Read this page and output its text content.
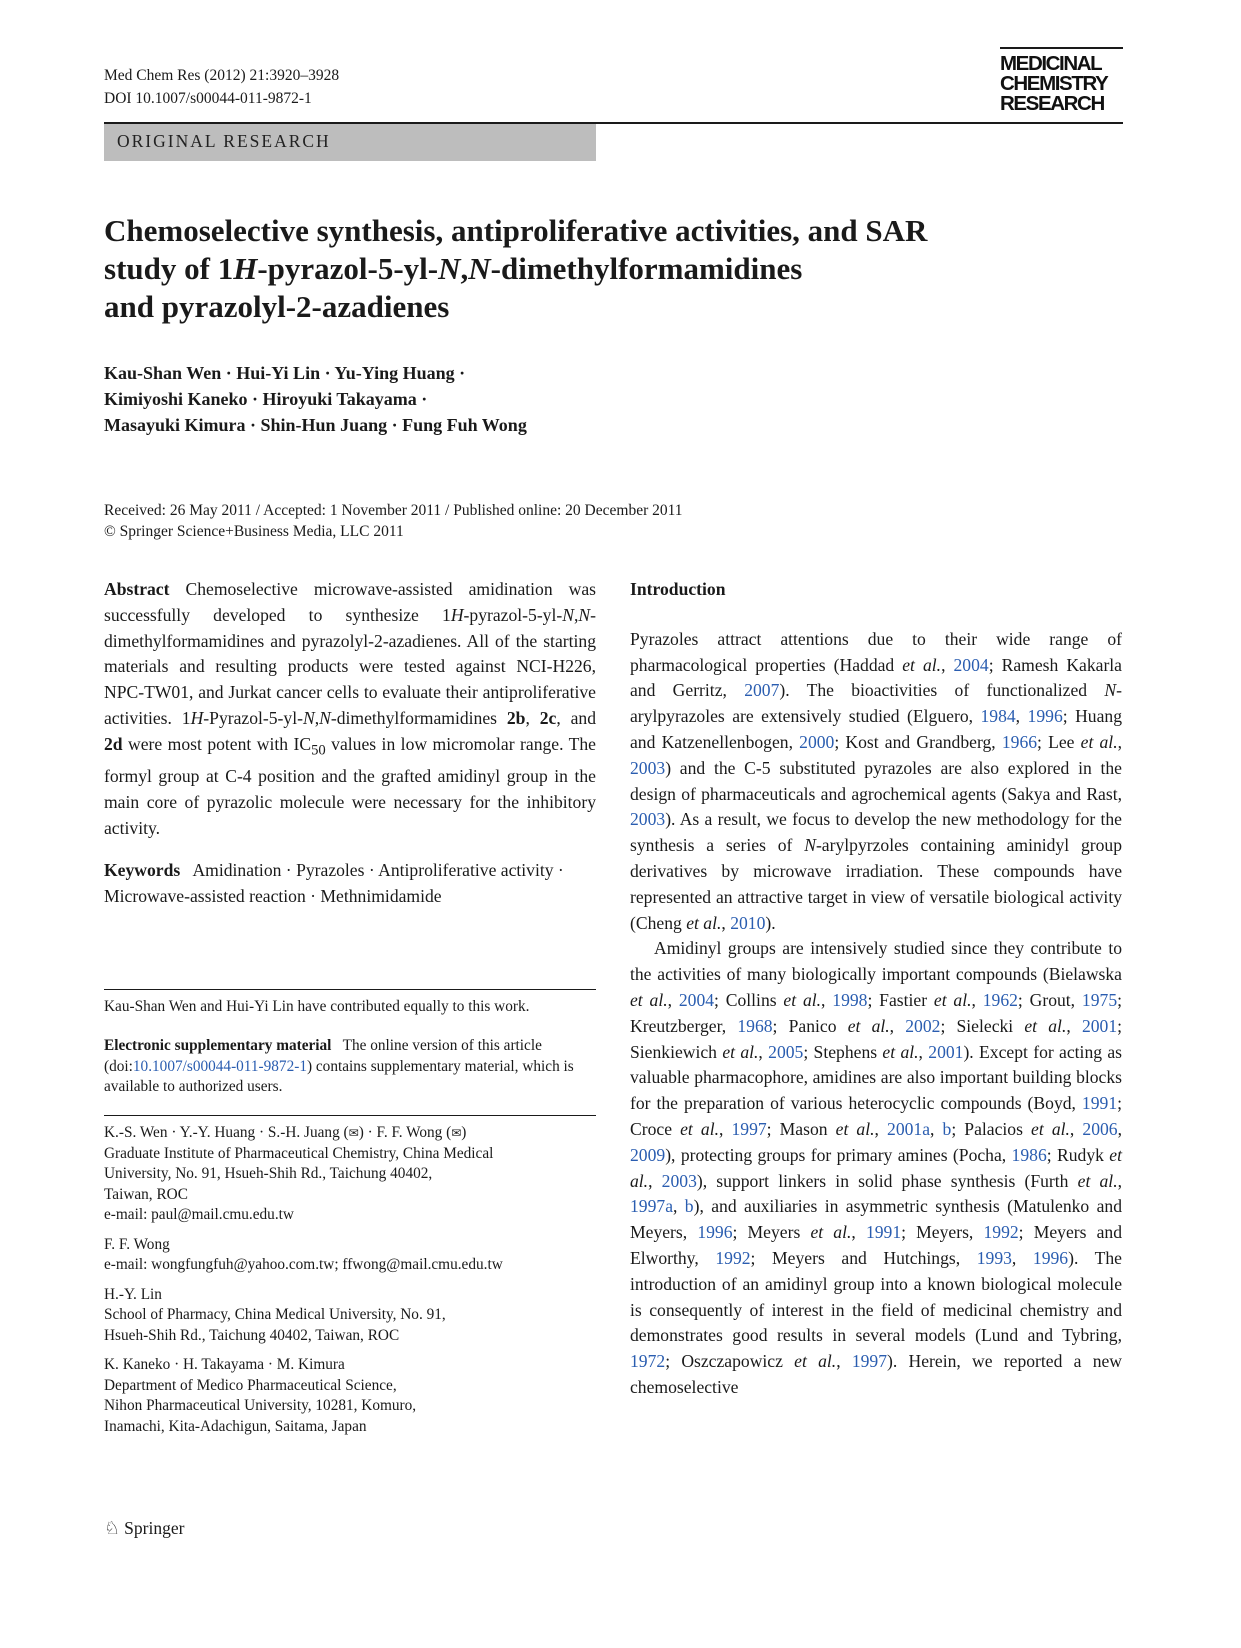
Med Chem Res (2012) 21:3920–3928
DOI 10.1007/s00044-011-9872-1
MEDICINAL
CHEMISTRY
RESEARCH
ORIGINAL RESEARCH
Chemoselective synthesis, antiproliferative activities, and SAR
study of 1H-pyrazol-5-yl-N,N-dimethylformamidines
and pyrazolyl-2-azadienes
Kau-Shan Wen · Hui-Yi Lin · Yu-Ying Huang ·
Kimiyoshi Kaneko · Hiroyuki Takayama ·
Masayuki Kimura · Shin-Hun Juang · Fung Fuh Wong
Received: 26 May 2011 / Accepted: 1 November 2011 / Published online: 20 December 2011
© Springer Science+Business Media, LLC 2011

Abstract Chemoselective microwave-assisted amidination was successfully developed to synthesize 1H-pyrazol-5-yl-N,N-dimethylformamidines and pyrazolyl-2-azadienes. All of the starting materials and resulting products were tested against NCI-H226, NPC-TW01, and Jurkat cancer cells to evaluate their antiproliferative activities. 1H-Pyrazol-5-yl-N,N-dimethylformamidines 2b, 2c, and 2d were most potent with $IC_{50}$ values in low micromolar range. The formyl group at C-4 position and the grafted amidinyl group in the main core of pyrazolic molecule were necessary for the inhibitory activity.

Keywords Amidination · Pyrazoles · Antiproliferative activity · Microwave-assisted reaction · Methnimidamide

Kau-Shan Wen and Hui-Yi Lin have contributed equally to this work.
Electronic supplementary material The online version of this article (doi:10.1007/s00044-011-9872-1) contains supplementary material, which is available to authorized users.

K.-S. Wen · Y.-Y. Huang · S.-H. Juang (✉) · F. F. Wong (✉)

Graduate Institute of Pharmaceutical Chemistry, China Medical

University, No. 91, Hsueh-Shih Rd., Taichung 40402,

Taiwan, ROC

e-mail: paul@mail.cmu.edu.tw

F. F. Wong

e-mail: wongfungfuh@yahoo.com.tw; ffwong@mail.cmu.edu.tw

H.-Y. Lin

School of Pharmacy, China Medical University, No. 91,

Hsueh-Shih Rd., Taichung 40402, Taiwan, ROC

K. Kaneko · H. Takayama · M. Kimura

Department of Medico Pharmaceutical Science,

Nihon Pharmaceutical University, 10281, Komuro,

Inamachi, Kita-Adachigun, Saitama, Japan

Introduction

Pyrazoles attract attentions due to their wide range of pharmacological properties (Haddad et al., 2004; Ramesh Kakarla and Gerritz, 2007). The bioactivities of functionalized N-arylpyrazoles are extensively studied (Elguero, 1984, 1996; Huang and Katzenellenbogen, 2000; Kost and Grandberg, 1966; Lee et al., 2003) and the C-5 substituted pyrazoles are also explored in the design of pharmaceuticals and agrochemical agents (Sakya and Rast, 2003). As a result, we focus to develop the new methodology for the synthesis a series of N-arylpyrzoles containing aminidyl group derivatives by microwave irradiation. These compounds have represented an attractive target in view of versatile biological activity (Cheng et al., 2010).

Amidinyl groups are intensively studied since they contribute to the activities of many biologically important compounds (Bielawska et al., 2004; Collins et al., 1998; Fastier et al., 1962; Grout, 1975; Kreutzberger, 1968; Panico et al., 2002; Sielecki et al., 2001; Sienkiewich et al., 2005; Stephens et al., 2001). Except for acting as valuable pharmacophore, amidines are also important building blocks for the preparation of various heterocyclic compounds (Boyd, 1991; Croce et al., 1997; Mason et al., 2001a, b; Palacios et al., 2006, 2009), protecting groups for primary amines (Pocha, 1986; Rudyk et al., 2003), support linkers in solid phase synthesis (Furth et al., 1997a, b), and auxiliaries in asymmetric synthesis (Matulenko and Meyers, 1996; Meyers et al., 1991; Meyers, 1992; Meyers and Elworthy, 1992; Meyers and Hutchings, 1993, 1996). The introduction of an amidinyl group into a known biological molecule is consequently of interest in the field of medicinal chemistry and demonstrates good results in several models (Lund and Tybring, 1972; Oszczapowicz et al., 1997). Herein, we reported a new chemoselective

♘ Springer
